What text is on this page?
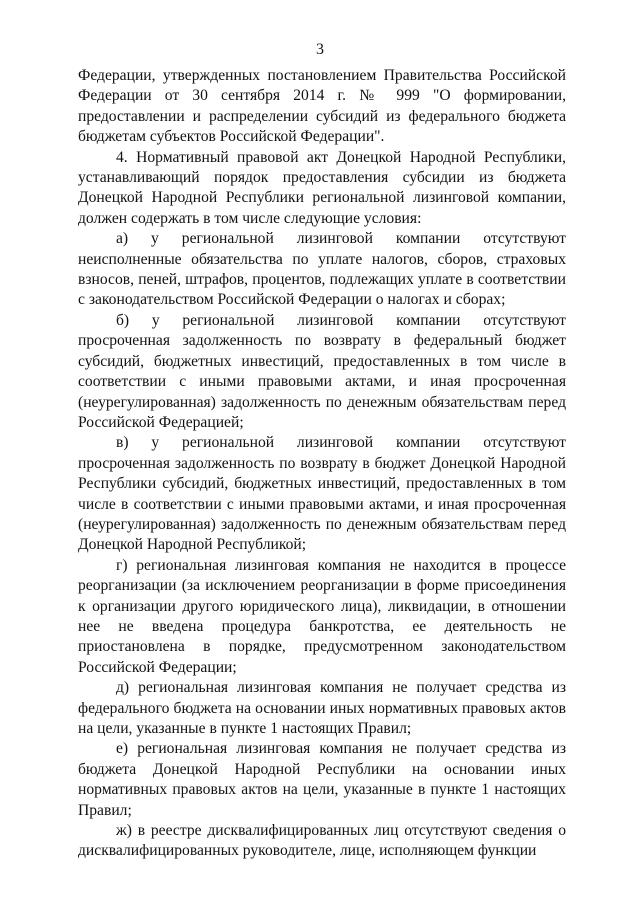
3

Федерации, утвержденных постановлением Правительства Российской Федерации от 30 сентября 2014 г. № 999 "О формировании, предоставлении и распределении субсидий из федерального бюджета бюджетам субъектов Российской Федерации".

4. Нормативный правовой акт Донецкой Народной Республики, устанавливающий порядок предоставления субсидии из бюджета Донецкой Народной Республики региональной лизинговой компании, должен содержать в том числе следующие условия:

а) у региональной лизинговой компании отсутствуют неисполненные обязательства по уплате налогов, сборов, страховых взносов, пеней, штрафов, процентов, подлежащих уплате в соответствии с законодательством Российской Федерации о налогах и сборах;

б) у региональной лизинговой компании отсутствуют просроченная задолженность по возврату в федеральный бюджет субсидий, бюджетных инвестиций, предоставленных в том числе в соответствии с иными правовыми актами, и иная просроченная (неурегулированная) задолженность по денежным обязательствам перед Российской Федерацией;

в) у региональной лизинговой компании отсутствуют просроченная задолженность по возврату в бюджет Донецкой Народной Республики субсидий, бюджетных инвестиций, предоставленных в том числе в соответствии с иными правовыми актами, и иная просроченная (неурегулированная) задолженность по денежным обязательствам перед Донецкой Народной Республикой;

г) региональная лизинговая компания не находится в процессе реорганизации (за исключением реорганизации в форме присоединения к организации другого юридического лица), ликвидации, в отношении нее не введена процедура банкротства, ее деятельность не приостановлена в порядке, предусмотренном законодательством Российской Федерации;

д) региональная лизинговая компания не получает средства из федерального бюджета на основании иных нормативных правовых актов на цели, указанные в пункте 1 настоящих Правил;

е) региональная лизинговая компания не получает средства из бюджета Донецкой Народной Республики на основании иных нормативных правовых актов на цели, указанные в пункте 1 настоящих Правил;

ж) в реестре дисквалифицированных лиц отсутствуют сведения о дисквалифицированных руководителе, лице, исполняющем функции
